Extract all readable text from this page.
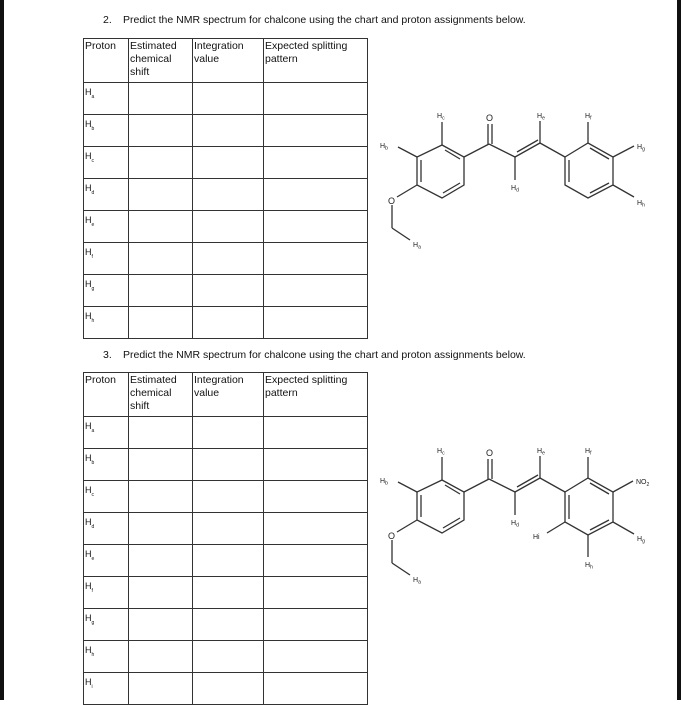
2. Predict the NMR spectrum for chalcone using the chart and proton assignments below.
Proton	Estimated chemical shift	Integration value	Expected splitting pattern
$H_a$			
$H_b$			
$H_c$			
$H_d$			
$H_e$			
$H_f$			
$H_g$			
$H_h$			
$H_c$
$H_b$
O
O
$H_a$
$H_d$
$H_e$	$H_f$
$H_g$
$H_h$
$H_c$
$H_b$
O
O
$H_a$
$H_d$
$H_e$	$H_f$
$NO_2$
$H_g$
$H_h$
Hi
3. Predict the NMR spectrum for chalcone using the chart and proton assignments below.
Proton	Estimated chemical shift	Integration value	Expected splitting pattern
$H_a$			
$H_b$			
$H_c$			
$H_d$			
$H_e$			
$H_f$			
$H_g$			
$H_h$			
$H_i$			
